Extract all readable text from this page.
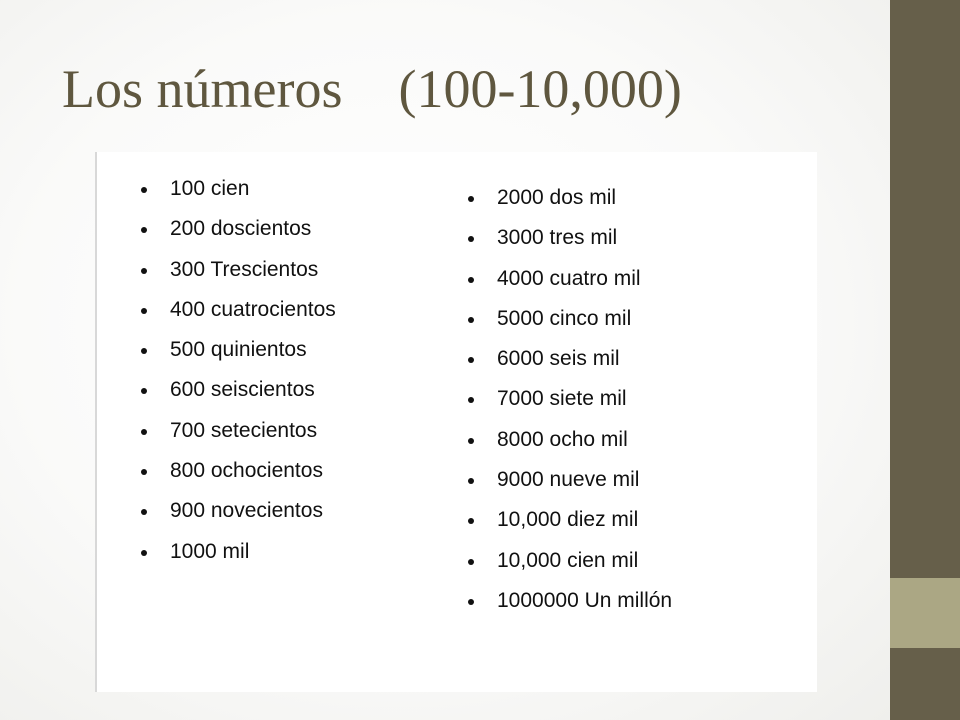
Los números (100-10,000)
100 cien
200 doscientos
300 Trescientos
400 cuatrocientos
500 quinientos
600 seiscientos
700 setecientos
800 ochocientos
900 novecientos
1000 mil
2000 dos mil
3000 tres mil
4000 cuatro mil
5000 cinco mil
6000 seis mil
7000 siete mil
8000 ocho mil
9000 nueve mil
10,000 diez mil
10,000 cien mil
1000000 Un millón
